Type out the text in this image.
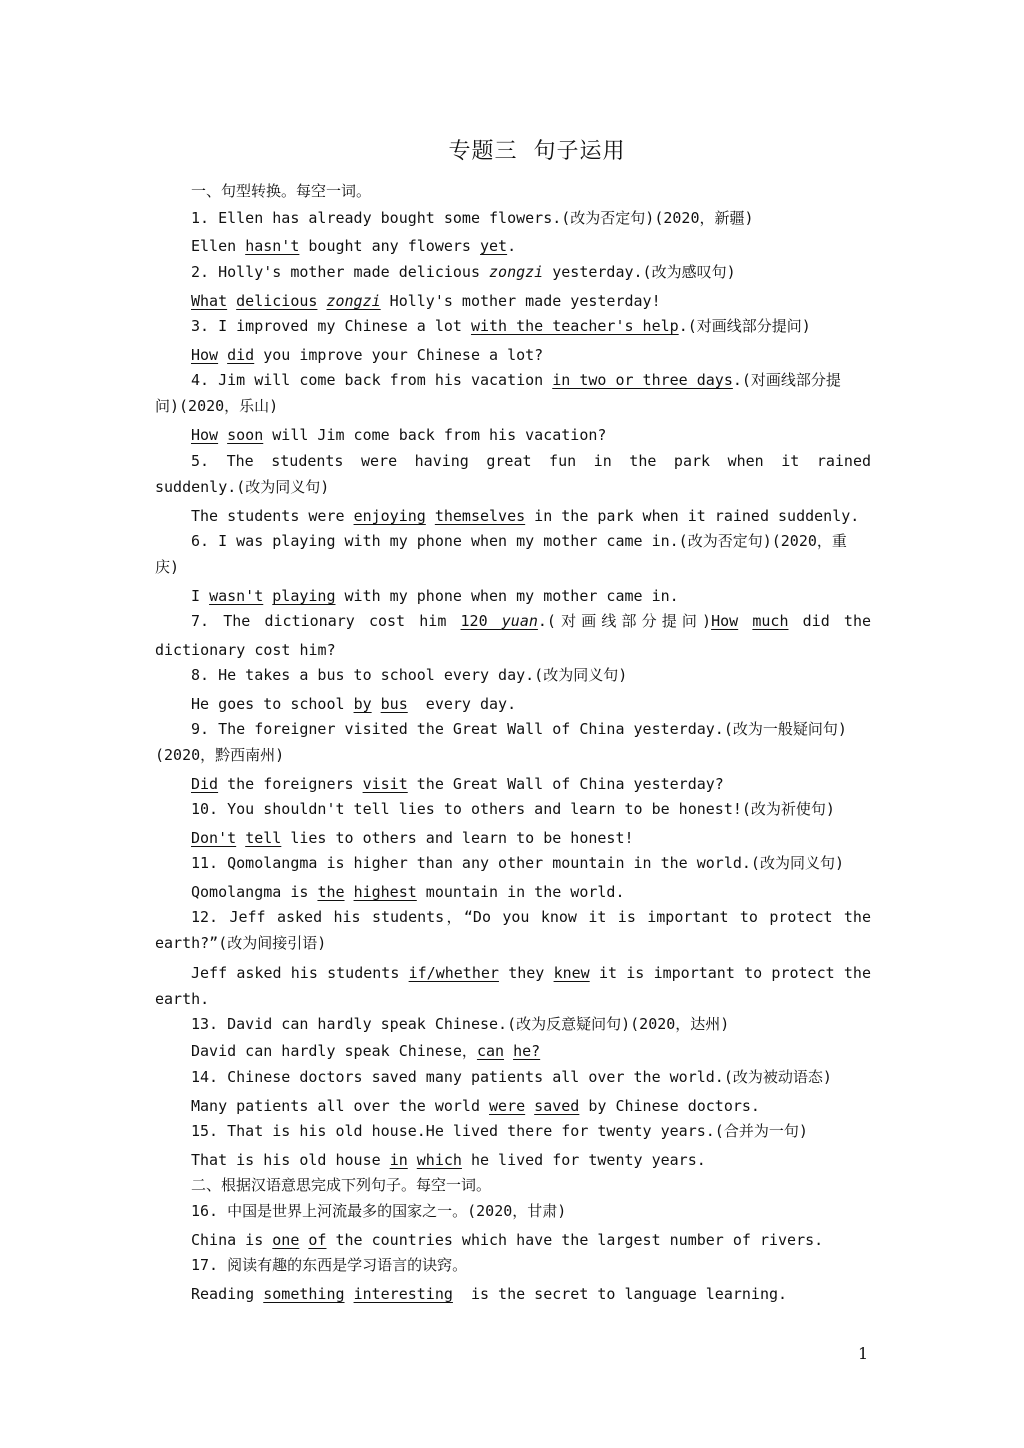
专题三  句子运用
一、句型转换。每空一词。
1. Ellen has already bought some flowers.(改为否定句)(2020，新疆)
Ellen hasn't bought any flowers yet.
2. Holly's mother made delicious zongzi yesterday.(改为感叹句)
What delicious zongzi Holly's mother made yesterday!
3. I improved my Chinese a lot with the teacher's help.(对画线部分提问)
How did you improve your Chinese a lot?
4. Jim will come back from his vacation in two or three days.(对画线部分提
问)(2020，乐山)
How soon will Jim come back from his vacation?
5. The students were having great fun in the park when it rained
suddenly.(改为同义句)
The students were enjoying themselves in the park when it rained suddenly.
6. I was playing with my phone when my mother came in.(改为否定句)(2020，重
庆)
I wasn't playing with my phone when my mother came in.
7. The dictionary cost him 120 yuan.(对画线部分提问)How much did the
dictionary cost him?
8. He takes a bus to school every day.(改为同义句)
He goes to school by bus  every day.
9. The foreigner visited the Great Wall of China yesterday.(改为一般疑问句)
(2020，黔西南州)
Did the foreigners visit the Great Wall of China yesterday?
10. You shouldn't tell lies to others and learn to be honest!(改为祈使句)
Don't tell lies to others and learn to be honest!
11. Qomolangma is higher than any other mountain in the world.(改为同义句)
Qomolangma is the highest mountain in the world.
12. Jeff asked his students，“Do you know it is important to protect the
earth?”(改为间接引语)
Jeff asked his students if/whether they knew it is important to protect the
earth.
13. David can hardly speak Chinese.(改为反意疑问句)(2020，达州)
David can hardly speak Chinese，can he?
14. Chinese doctors saved many patients all over the world.(改为被动语态)
Many patients all over the world were saved by Chinese doctors.
15. That is his old house.He lived there for twenty years.(合并为一句)
That is his old house in which he lived for twenty years.
二、根据汉语意思完成下列句子。每空一词。
16. 中国是世界上河流最多的国家之一。(2020，甘肃)
China is one of the countries which have the largest number of rivers.
17. 阅读有趣的东西是学习语言的诀窍。
Reading something interesting  is the secret to language learning.
1
